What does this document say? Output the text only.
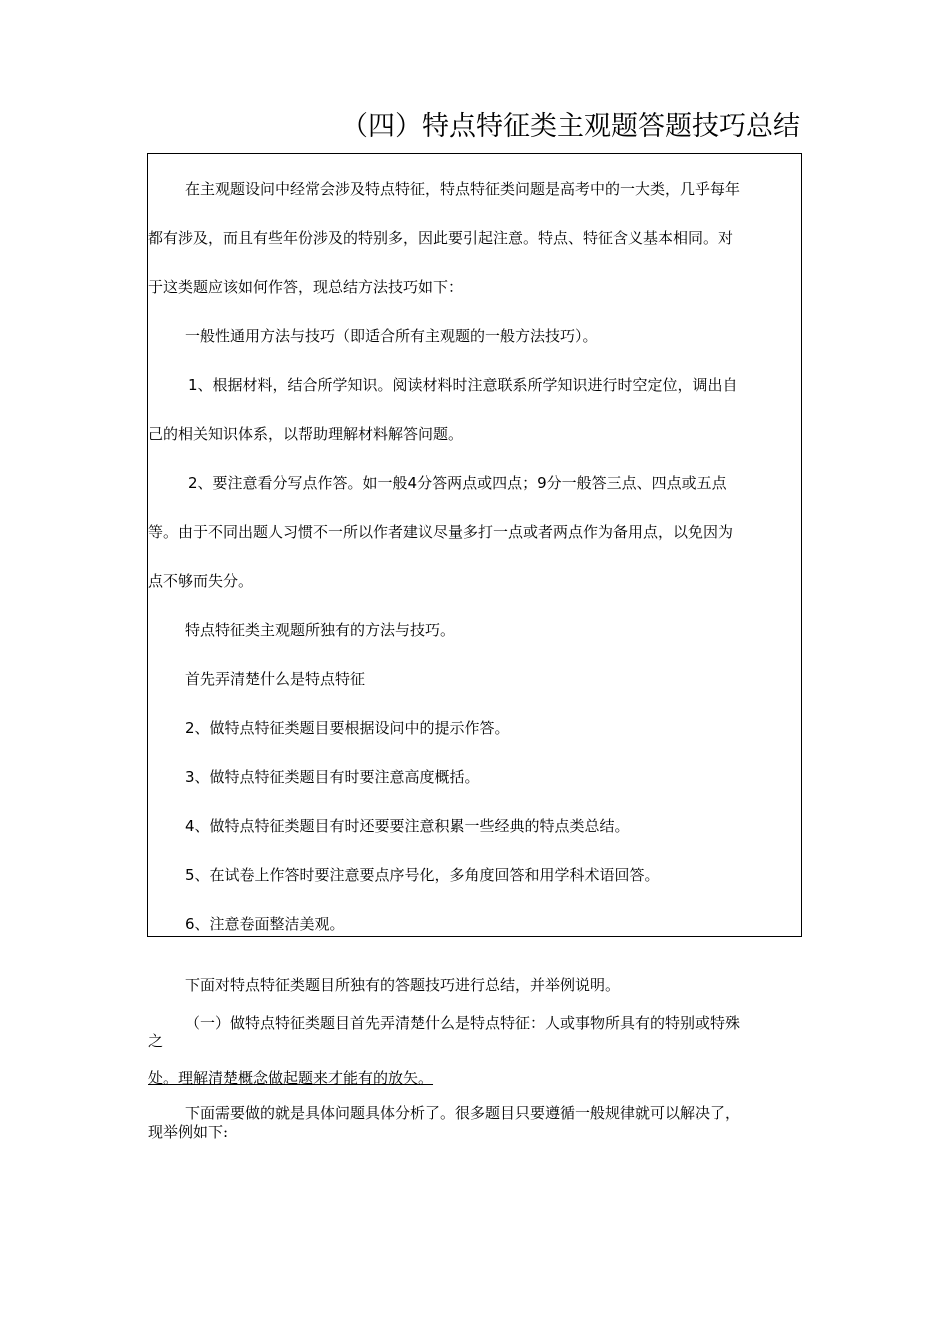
（四）特点特征类主观题答题技巧总结
在主观题设问中经常会涉及特点特征，特点特征类问题是高考中的一大类，几乎每年
都有涉及，而且有些年份涉及的特别多，因此要引起注意。特点、特征含义基本相同。对
于这类题应该如何作答，现总结方法技巧如下：
一般性通用方法与技巧（即适合所有主观题的一般方法技巧）。
1、根据材料，结合所学知识。阅读材料时注意联系所学知识进行时空定位，调出自
己的相关知识体系，以帮助理解材料解答问题。
2、要注意看分写点作答。如一般4分答两点或四点；9分一般答三点、四点或五点
等。由于不同出题人习惯不一所以作者建议尽量多打一点或者两点作为备用点，以免因为
点不够而失分。
特点特征类主观题所独有的方法与技巧。
首先弄清楚什么是特点特征
2、做特点特征类题目要根据设问中的提示作答。
3、做特点特征类题目有时要注意高度概括。
4、做特点特征类题目有时还要要注意积累一些经典的特点类总结。
5、在试卷上作答时要注意要点序号化，多角度回答和用学科术语回答。
6、注意卷面整洁美观。
下面对特点特征类题目所独有的答题技巧进行总结，并举例说明。
（一）做特点特征类题目首先弄清楚什么是特点特征：人或事物所具有的特别或特殊
之
处。理解清楚概念做起题来才能有的放矢。
下面需要做的就是具体问题具体分析了。很多题目只要遵循一般规律就可以解决了，
现举例如下:
